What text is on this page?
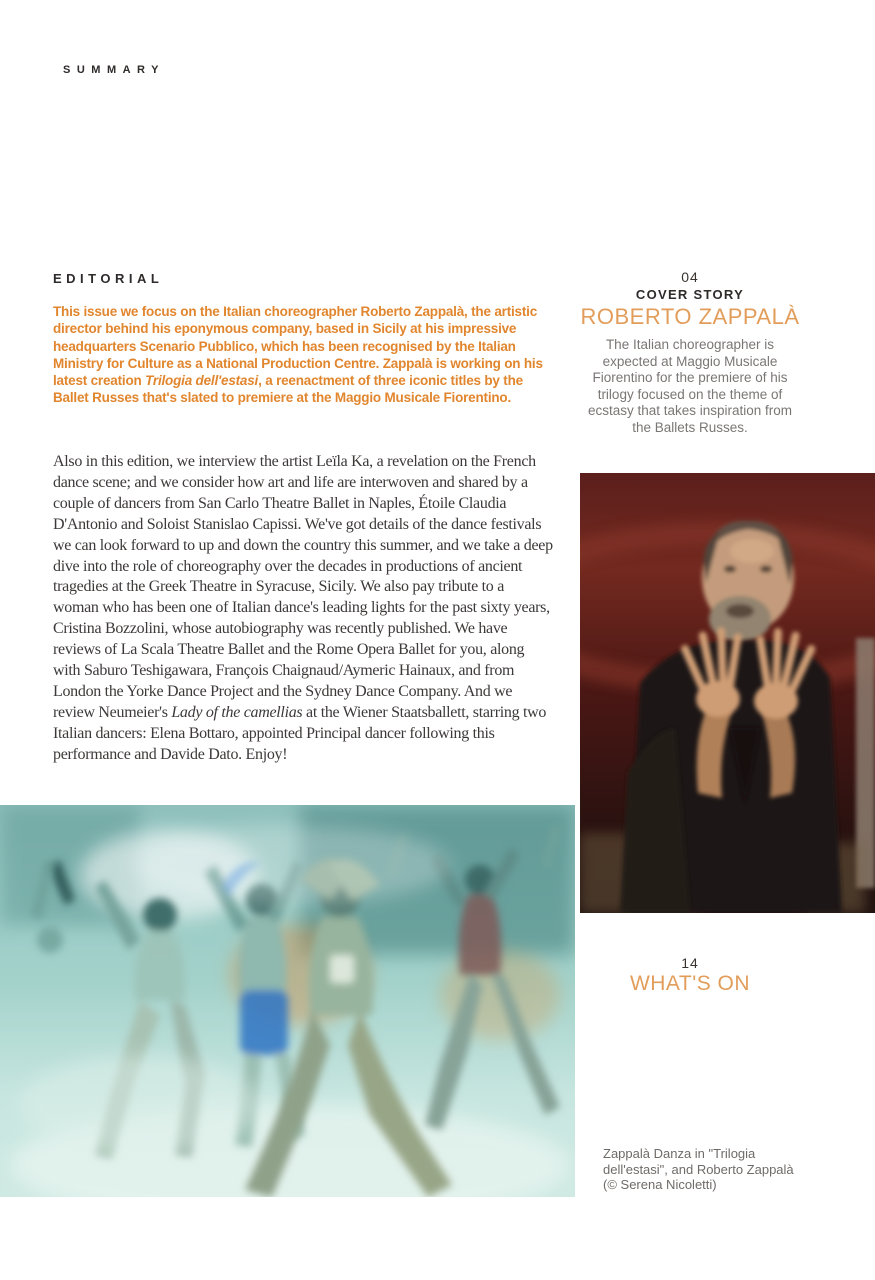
SUMMARY
EDITORIAL

This issue we focus on the Italian choreographer Roberto Zappalà, the artistic director behind his eponymous company, based in Sicily at his impressive headquarters Scenario Pubblico, which has been recognised by the Italian Ministry for Culture as a National Production Centre. Zappalà is working on his latest creation Trilogia dell'estasi, a reenactment of three iconic titles by the Ballet Russes that's slated to premiere at the Maggio Musicale Fiorentino.

Also in this edition, we interview the artist Leïla Ka, a revelation on the French dance scene; and we consider how art and life are interwoven and shared by a couple of dancers from San Carlo Theatre Ballet in Naples, Étoile Claudia D'Antonio and Soloist Stanislao Capissi. We've got details of the dance festivals we can look forward to up and down the country this summer, and we take a deep dive into the role of choreography over the decades in productions of ancient tragedies at the Greek Theatre in Syracuse, Sicily. We also pay tribute to a woman who has been one of Italian dance's leading lights for the past sixty years, Cristina Bozzolini, whose autobiography was recently published. We have reviews of La Scala Theatre Ballet and the Rome Opera Ballet for you, along with Saburo Teshigawara, François Chaignaud/Aymeric Hainaux, and from London the Yorke Dance Project and the Sydney Dance Company. And we review Neumeier's Lady of the camellias at the Wiener Staatsballett, starring two Italian dancers: Elena Bottaro, appointed Principal dancer following this performance and Davide Dato. Enjoy!

04
COVER STORY
ROBERTO ZAPPALÀ
The Italian choreographer is expected at Maggio Musicale Fiorentino for the premiere of his trilogy focused on the theme of ecstasy that takes inspiration from the Ballets Russes.
14
WHAT'S ON
Zappalà Danza in "Trilogia dell'estasi", and Roberto Zappalà (© Serena Nicoletti)
